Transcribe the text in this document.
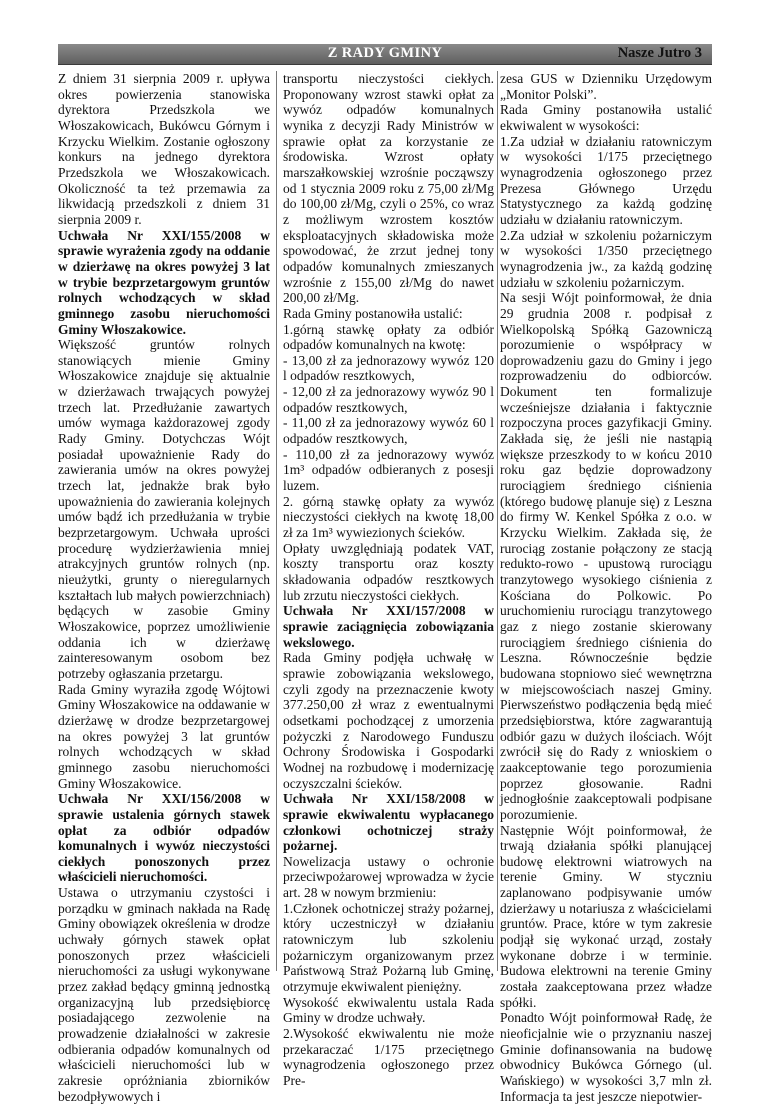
Z RADY GMINY	Nasze Jutro 3

Z dniem 31 sierpnia 2009 r. upływa okres powierzenia stanowiska dyrektora Przedszkola we Włoszakowicach, Bukówcu Górnym i Krzycku Wielkim. Zostanie ogłoszony konkurs na jednego dyrektora Przedszkola we Włoszakowicach. Okoliczność ta też przemawia za likwidacją przedszkoli z dniem 31 sierpnia 2009 r.

Uchwała Nr XXI/155/2008 w sprawie wyrażenia zgody na oddanie w dzierżawę na okres powyżej 3 lat w trybie bezprzetargowym gruntów rolnych wchodzących w skład gminnego zasobu nieruchomości Gminy Włoszakowice.

Większość gruntów rolnych stanowiących mienie Gminy Włoszakowice znajduje się aktualnie w dzierżawach trwających powyżej trzech lat. Przedłużanie zawartych umów wymaga każdorazowej zgody Rady Gminy. Dotychczas Wójt posiadał upoważnienie Rady do zawierania umów na okres powyżej trzech lat, jednakże brak było upoważnienia do zawierania kolejnych umów bądź ich przedłużania w trybie bezprzetargowym. Uchwała uprości procedurę wydzierżawienia mniej atrakcyjnych gruntów rolnych (np. nieużytki, grunty o nieregularnych kształtach lub małych powierzchniach) będących w zasobie Gminy Włoszakowice, poprzez umożliwienie oddania ich w dzierżawę zainteresowanym osobom bez potrzeby ogłaszania przetargu.

Rada Gminy wyraziła zgodę Wójtowi Gminy Włoszakowice na oddawanie w dzierżawę w drodze bezprzetargowej na okres powyżej 3 lat gruntów rolnych wchodzących w skład gminnego zasobu nieruchomości Gminy Włoszakowice.

Uchwała Nr XXI/156/2008 w sprawie ustalenia górnych stawek opłat za odbiór odpadów komunalnych i wywóz nieczystości ciekłych ponoszonych przez właścicieli nieruchomości.

Ustawa o utrzymaniu czystości i porządku w gminach nakłada na Radę Gminy obowiązek określenia w drodze uchwały górnych stawek opłat ponoszonych przez właścicieli nieruchomości za usługi wykonywane przez zakład będący gminną jednostką organizacyjną lub przedsiębiorcę posiadającego zezwolenie na prowadzenie działalności w zakresie odbierania odpadów komunalnych od właścicieli nieruchomości lub w zakresie opróżniania zbiorników bezodpływowych i

transportu nieczystości ciekłych. Proponowany wzrost stawki opłat za wywóz odpadów komunalnych wynika z decyzji Rady Ministrów w sprawie opłat za korzystanie ze środowiska. Wzrost opłaty marszałkowskiej wzrośnie począwszy od 1 stycznia 2009 roku z 75,00 zł/Mg do 100,00 zł/Mg, czyli o 25%, co wraz z możliwym wzrostem kosztów eksploatacyjnych składowiska może spowodować, że zrzut jednej tony odpadów komunalnych zmieszanych wzrośnie z 155,00 zł/Mg do nawet 200,00 zł/Mg.

Rada Gminy postanowiła ustalić:

1.górną stawkę opłaty za odbiór odpadów komunalnych na kwotę:

- 13,00 zł za jednorazowy wywóz 120 l odpadów resztkowych,

- 12,00 zł za jednorazowy wywóz 90 l odpadów resztkowych,

- 11,00 zł za jednorazowy wywóz 60 l odpadów resztkowych,

- 110,00 zł za jednorazowy wywóz 1m³ odpadów odbieranych z posesji luzem.

2. górną stawkę opłaty za wywóz nieczystości ciekłych na kwotę 18,00 zł za 1m³ wywiezionych ścieków.

Opłaty uwzględniają podatek VAT, koszty transportu oraz koszty składowania odpadów resztkowych lub zrzutu nieczystości ciekłych.

Uchwała Nr XXI/157/2008 w sprawie zaciągnięcia zobowiązania wekslowego.

Rada Gminy podjęła uchwałę w sprawie zobowiązania wekslowego, czyli zgody na przeznaczenie kwoty 377.250,00 zł wraz z ewentualnymi odsetkami pochodzącej z umorzenia pożyczki z Narodowego Funduszu Ochrony Środowiska i Gospodarki Wodnej na rozbudowę i modernizację oczyszczalni ścieków.

Uchwała Nr XXI/158/2008 w sprawie ekwiwalentu wypłacanego członkowi ochotniczej straży pożarnej.

Nowelizacja ustawy o ochronie przeciwpożarowej wprowadza w życie art. 28 w nowym brzmieniu:

1.Członek ochotniczej straży pożarnej, który uczestniczył w działaniu ratowniczym lub szkoleniu pożarniczym organizowanym przez Państwową Straż Pożarną lub Gminę, otrzymuje ekwiwalent pieniężny.

Wysokość ekwiwalentu ustala Rada Gminy w drodze uchwały.

2.Wysokość ekwiwalentu nie może przekaraczać 1/175 przeciętnego wynagrodzenia ogłoszonego przez Pre-

zesa GUS w Dzienniku Urzędowym „Monitor Polski”.

Rada Gminy postanowiła ustalić ekwiwalent w wysokości:

1.Za udział w działaniu ratowniczym w wysokości 1/175 przeciętnego wynagrodzenia ogłoszonego przez Prezesa Głównego Urzędu Statystycznego za każdą godzinę udziału w działaniu ratowniczym.

2.Za udział w szkoleniu pożarniczym w wysokości 1/350 przeciętnego wynagrodzenia jw., za każdą godzinę udziału w szkoleniu pożarniczym.

Na sesji Wójt poinformował, że dnia 29 grudnia 2008 r. podpisał z Wielkopolską Spółką Gazowniczą porozumienie o współpracy w doprowadzeniu gazu do Gminy i jego rozprowadzeniu do odbiorców. Dokument ten formalizuje wcześniejsze działania i faktycznie rozpoczyna proces gazyfikacji Gminy. Zakłada się, że jeśli nie nastąpią większe przeszkody to w końcu 2010 roku gaz będzie doprowadzony rurociągiem średniego ciśnienia (którego budowę planuje się) z Leszna do firmy W. Kenkel Spółka z o.o. w Krzycku Wielkim. Zakłada się, że rurociąg zostanie połączony ze stacją redukto-rowo - upustową rurociągu tranzytowego wysokiego ciśnienia z Kościana do Polkowic. Po uruchomieniu rurociągu tranzytowego gaz z niego zostanie skierowany rurociągiem średniego ciśnienia do Leszna. Równocześnie będzie budowana stopniowo sieć wewnętrzna w miejscowościach naszej Gminy. Pierwszeństwo podłączenia będą mieć przedsiębiorstwa, które zagwarantują odbiór gazu w dużych ilościach. Wójt zwrócił się do Rady z wnioskiem o zaakceptowanie tego porozumienia poprzez głosowanie. Radni jednogłośnie zaakceptowali podpisane porozumienie.

Następnie Wójt poinformował, że trwają działania spółki planującej budowę elektrowni wiatrowych na terenie Gminy. W styczniu zaplanowano podpisywanie umów dzierżawy u notariusza z właścicielami gruntów. Prace, które w tym zakresie podjął się wykonać urząd, zostały wykonane dobrze i w terminie. Budowa elektrowni na terenie Gminy została zaakceptowana przez władze spółki.

Ponadto Wójt poinformował Radę, że nieoficjalnie wie o przyznaniu naszej Gminie dofinansowania na budowę obwodnicy Bukówca Górnego (ul. Wańskiego) w wysokości 3,7 mln zł. Informacja ta jest jeszcze niepotwier-
